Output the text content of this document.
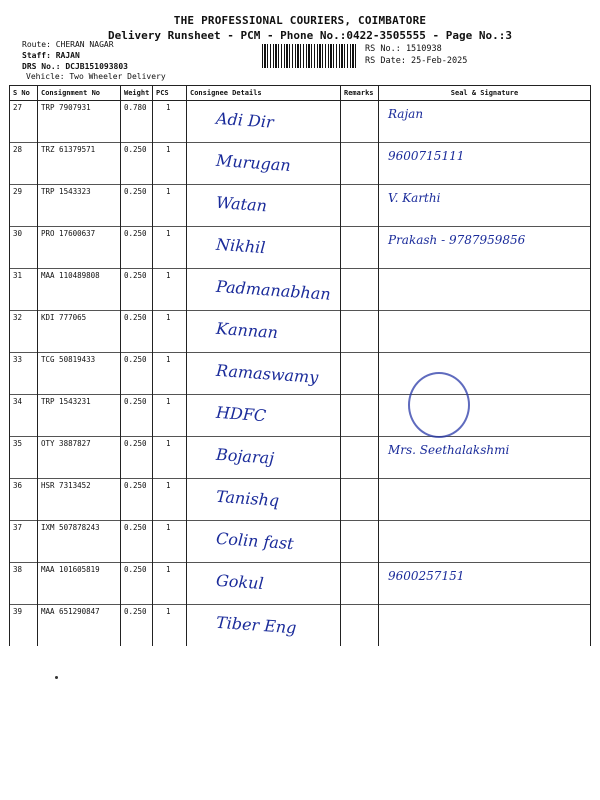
THE PROFESSIONAL COURIERS, COIMBATORE
Delivery Runsheet - PCM - Phone No.:0422-3505555 - Page No.:3
Route: CHERAN NAGAR
Staff: RAJAN
DRS No.: DCJB151093803
Vehicle: Two Wheeler Delivery
RS No.: 1510938
RS Date: 25-Feb-2025
S No	Consignment No	Weight	PCS	Consignee Details	Remarks	Seal & Signature
27	TRP 7907931	0.780	1	Adi Dir		Rajan

28	TRZ 61379571	0.250	1	Murugan		9600715111

29	TRP 1543323	0.250	1	Watan		V. Karthi

30	PRO 17600637	0.250	1	Nikhil		Prakash - 9787959856

31	MAA 110489808	0.250	1	Padmanabhan		

32	KDI 777065	0.250	1	Kannan		

33	TCG 50819433	0.250	1	Ramaswamy		

34	TRP 1543231	0.250	1	HDFC		

35	OTY 3887827	0.250	1	Bojaraj		Mrs. Seethalakshmi

36	HSR 7313452	0.250	1	Tanishq		

37	IXM 507878243	0.250	1	Colin fast		

38	MAA 101605819	0.250	1	Gokul		9600257151

39	MAA 651290847	0.250	1	Tiber Eng		
